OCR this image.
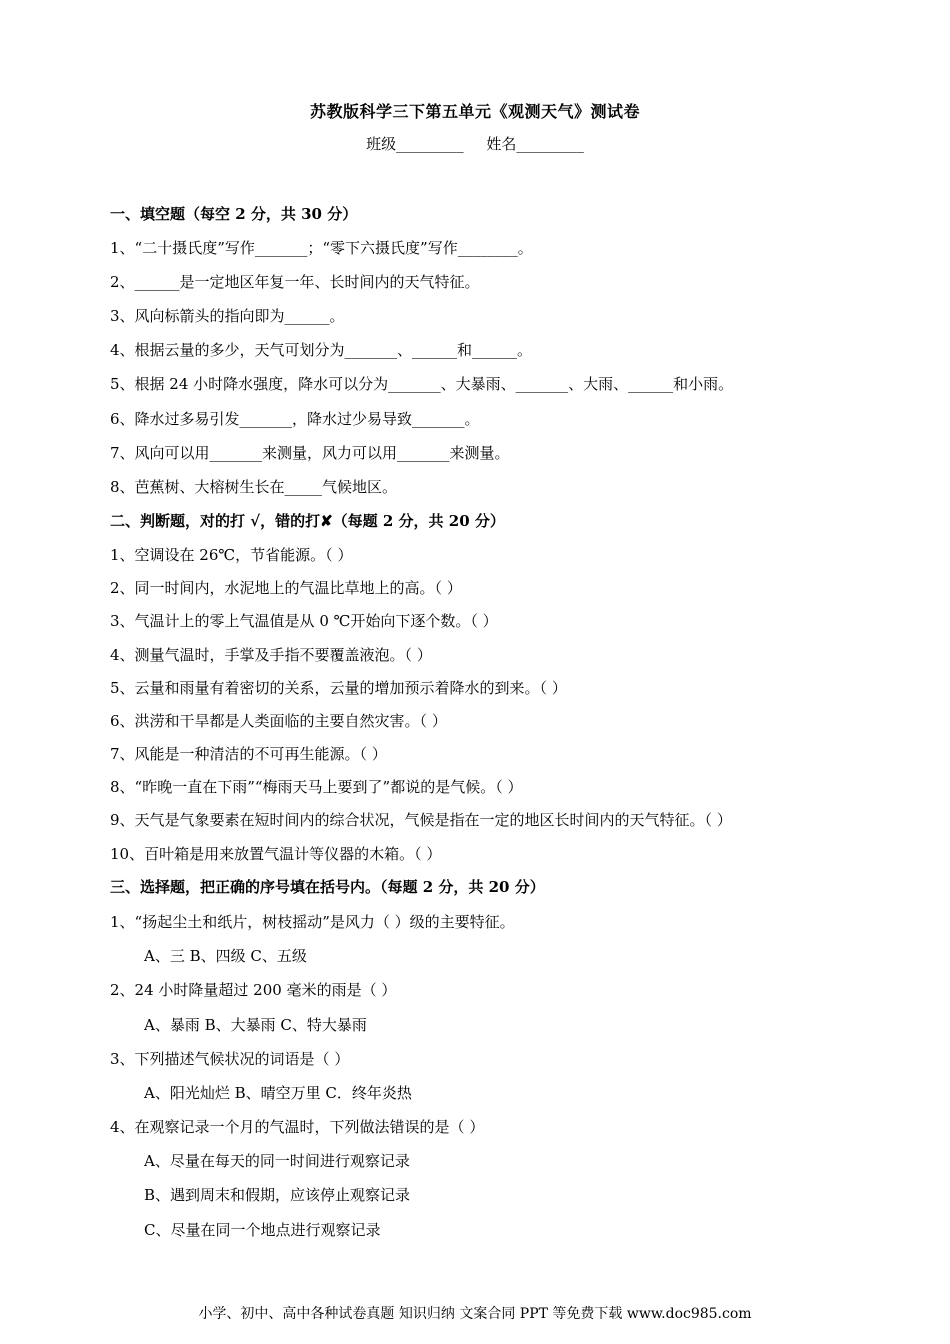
苏教版科学三下第五单元《观测天气》测试卷
班级_________ 姓名_________
一、填空题（每空 2 分，共 30 分）
1、“二十摄氏度”写作_______；“零下六摄氏度”写作________。
2、______是一定地区年复一年、长时间内的天气特征。
3、风向标箭头的指向即为______。
4、根据云量的多少，天气可划分为_______、______和______。
5、根据 24 小时降水强度，降水可以分为_______、大暴雨、_______、大雨、______和小雨。
6、降水过多易引发_______，降水过少易导致_______。
7、风向可以用_______来测量，风力可以用_______来测量。
8、芭蕉树、大榕树生长在_____气候地区。
二、判断题，对的打 √，错的打✘（每题 2 分，共 20 分）
1、空调设在 26℃，节省能源。（ ）
2、同一时间内，水泥地上的气温比草地上的高。（ ）
3、气温计上的零上气温值是从 0 ℃开始向下逐个数。（ ）
4、测量气温时，手掌及手指不要覆盖液泡。（ ）
5、云量和雨量有着密切的关系，云量的增加预示着降水的到来。（ ）
6、洪涝和干旱都是人类面临的主要自然灾害。（ ）
7、风能是一种清洁的不可再生能源。（ ）
8、“昨晚一直在下雨”“梅雨天马上要到了”都说的是气候。（ ）
9、天气是气象要素在短时间内的综合状况，气候是指在一定的地区长时间内的天气特征。（ ）
10、百叶箱是用来放置气温计等仪器的木箱。（ ）
三、选择题，把正确的序号填在括号内。（每题 2 分，共 20 分）
1、“扬起尘土和纸片，树枝摇动”是风力（ ）级的主要特征。
A、三 B、四级 C、五级
2、24 小时降量超过 200 毫米的雨是（ ）
A、暴雨 B、大暴雨 C、特大暴雨
3、下列描述气候状况的词语是（ ）
A、阳光灿烂 B、晴空万里 C．终年炎热
4、在观察记录一个月的气温时，下列做法错误的是（ ）
A、尽量在每天的同一时间进行观察记录
B、遇到周末和假期，应该停止观察记录
C、尽量在同一个地点进行观察记录
小学、初中、高中各种试卷真题 知识归纳 文案合同 PPT 等免费下载 www.doc985.com
